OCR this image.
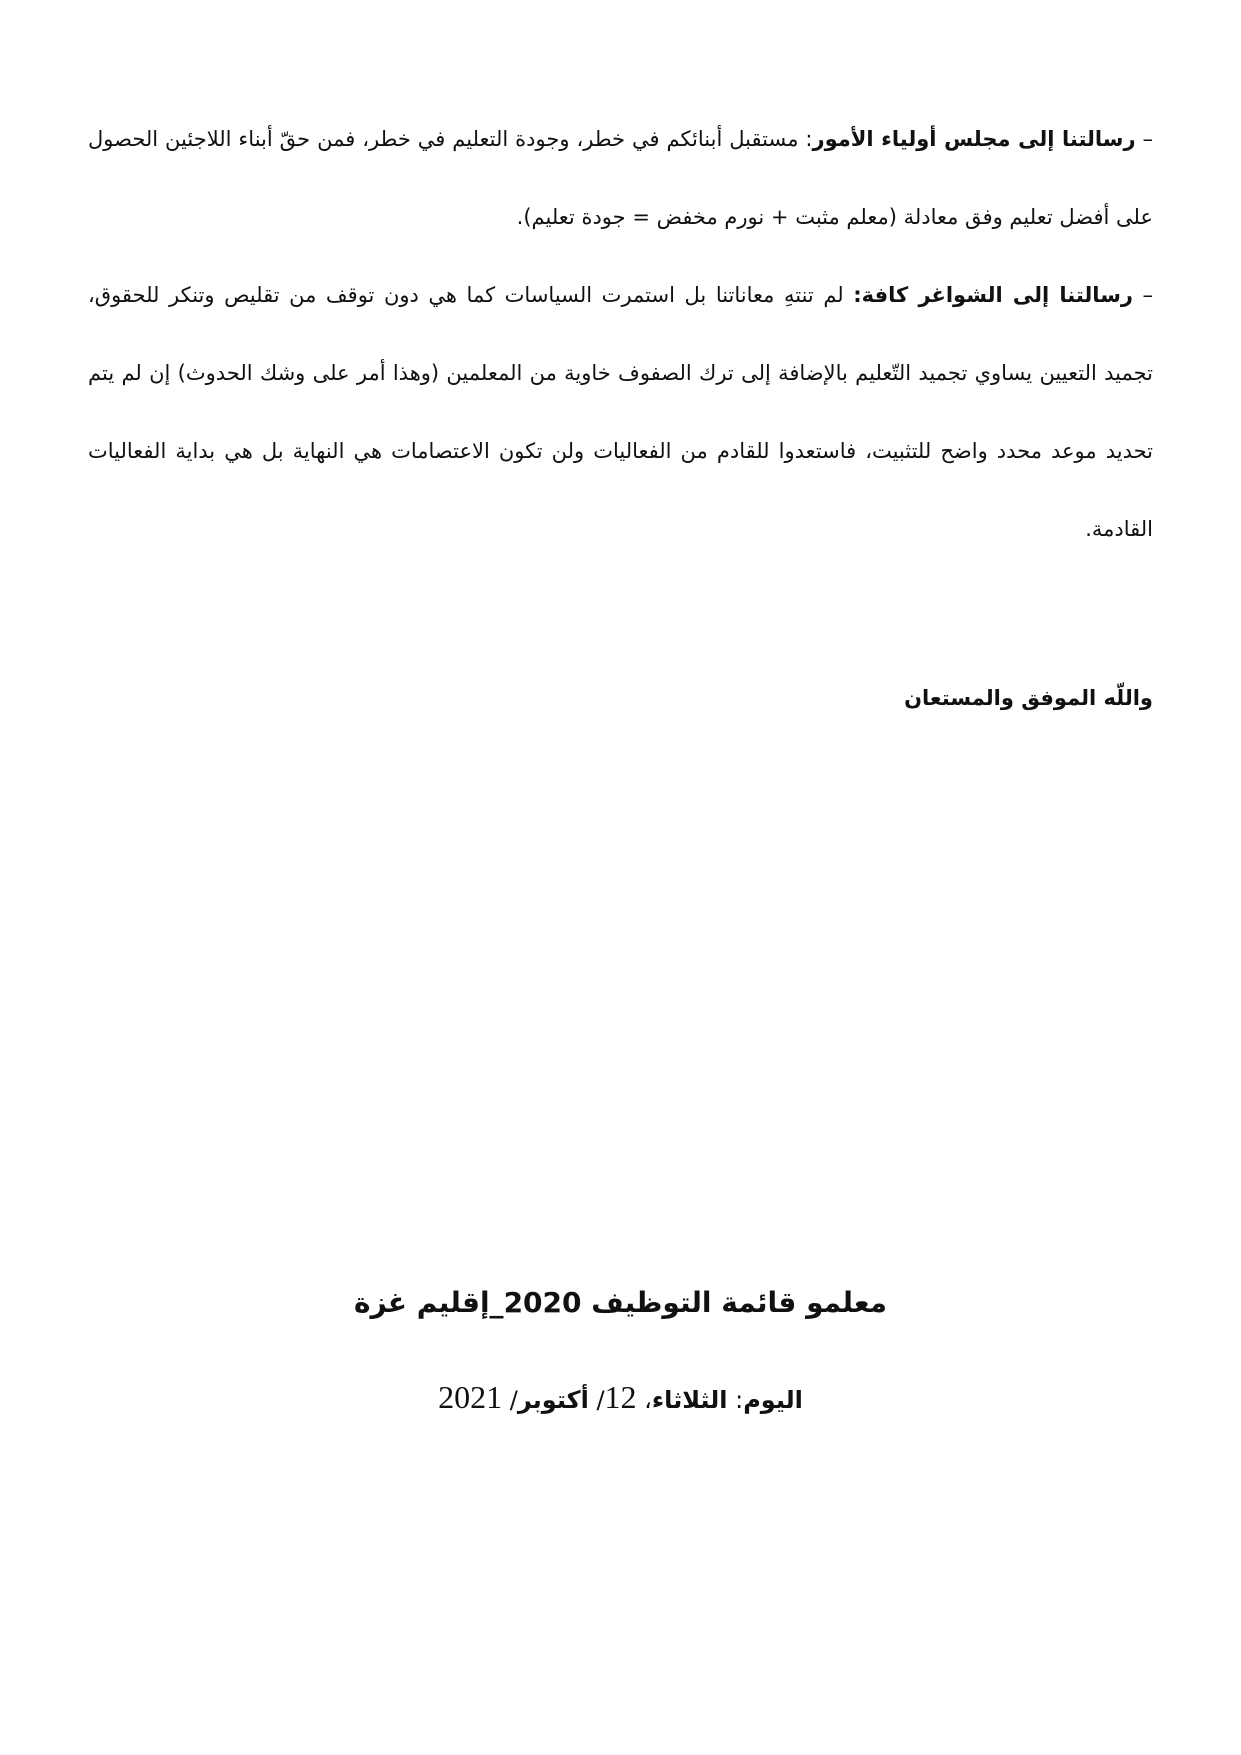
– رسالتنا إلى مجلس أولياء الأمور: مستقبل أبنائكم في خطر، وجودة التعليم في خطر، فمن حقّ أبناء اللاجئين الحصول على أفضل تعليم وفق معادلة (معلم مثبت + نورم مخفض = جودة تعليم).

– رسالتنا إلى الشواغر كافة: لم تنتهِ معاناتنا بل استمرت السياسات كما هي دون توقف من تقليص وتنكر للحقوق، تجميد التعيين يساوي تجميد التّعليم بالإضافة إلى ترك الصفوف خاوية من المعلمين (وهذا أمر على وشك الحدوث) إن لم يتم تحديد موعد محدد واضح للتثبيت، فاستعدوا للقادم من الفعاليات ولن تكون الاعتصامات هي النهاية بل هي بداية الفعاليات القادمة.

واللّه الموفق والمستعان
معلمو قائمة التوظيف 2020_إقليم غزة
اليوم: الثلاثاء، 12/ أكتوبر/ 2021
